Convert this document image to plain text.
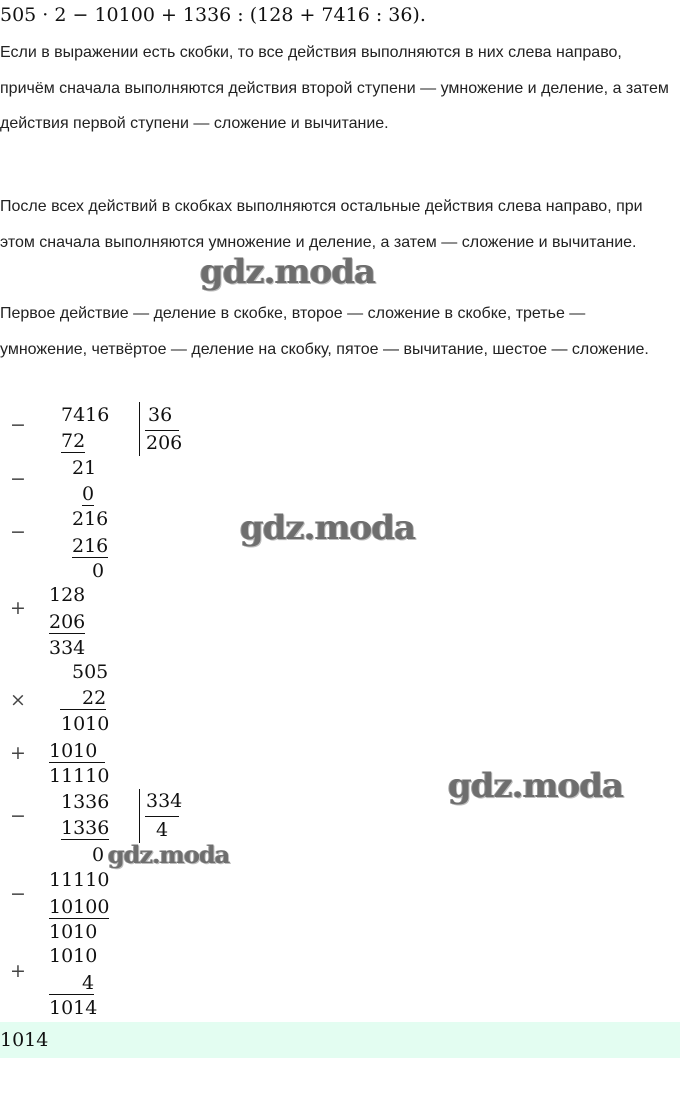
505 · 2 − 10100 + 1336 : (128 + 7416 : 36).
Если в выражении есть скобки, то все действия выполняются в них слева направо, причём сначала выполняются действия второй ступени — умножение и деление, а затем действия первой ступени — сложение и вычитание.
После всех действий в скобках выполняются остальные действия слева направо, при этом сначала выполняются умножение и деление, а затем — сложение и вычитание.
Первое действие — деление в скобке, второе — сложение в скобке, третье — умножение, четвёртое — деление на скобку, пятое — вычитание, шестое — сложение.
− 7416
72
36
206
− 21
0
−
216
216
0
+
128
206
334
505
×	22
1010
+ 1010
11110
−
1336
1336
334
4
0
−
11110
10100
1010
+
1010
4
1014
1014
gdz.moda
gdz.moda
gdz.moda
gdz.moda
